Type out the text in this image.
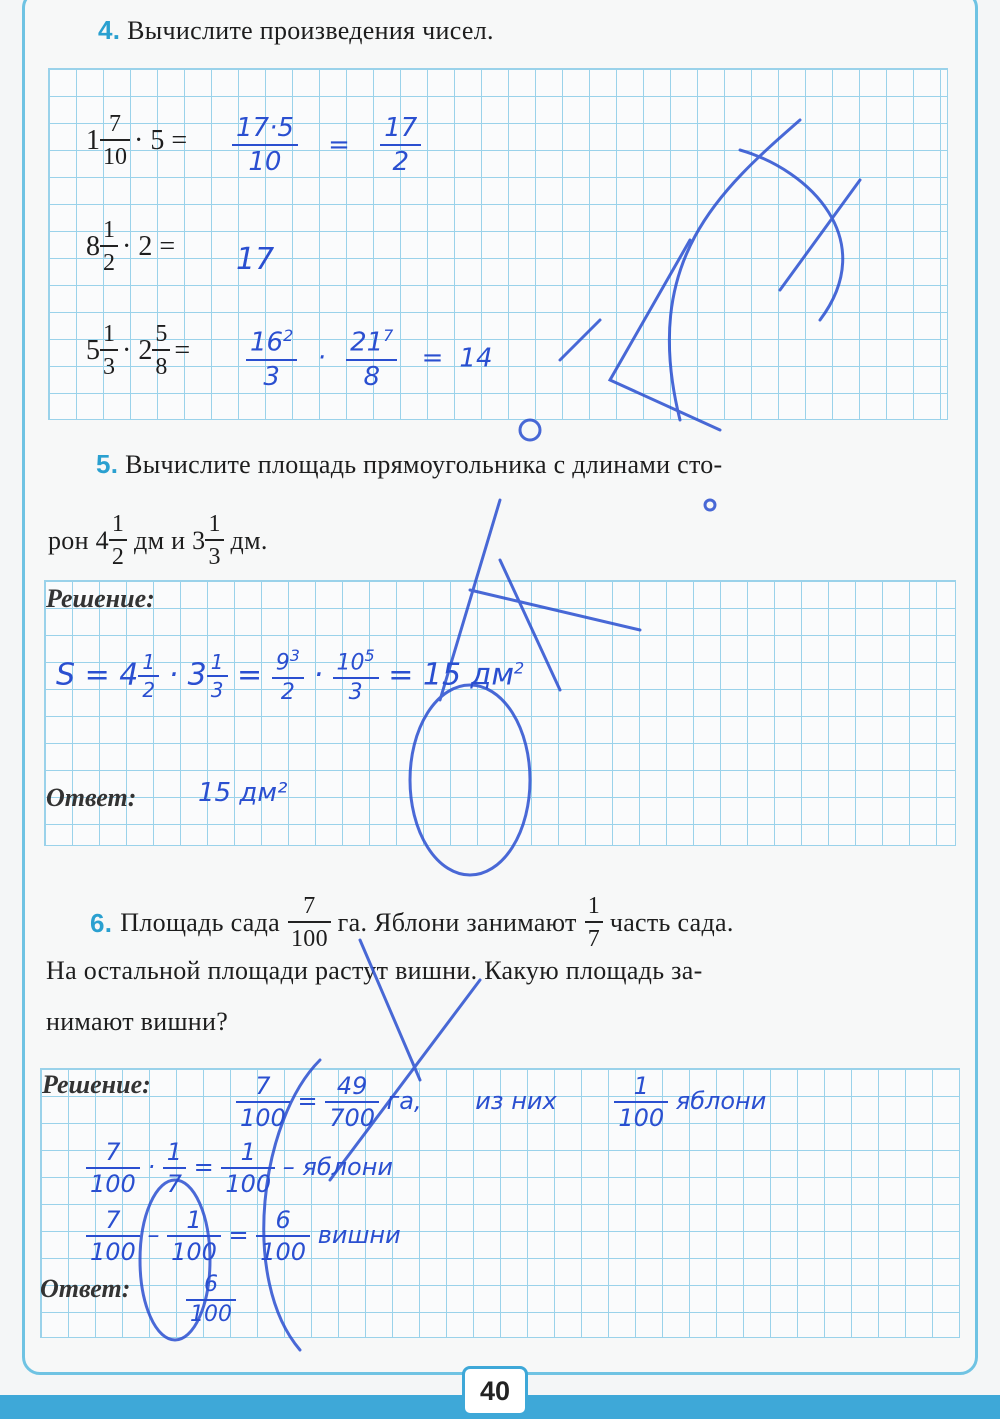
40
4. Вычислите произведения чисел.
$1 \frac{7}{10} \cdot 5$ =
$8 \frac{1}{2} \cdot 2$ =
$5 \frac{1}{3} \cdot 2 \frac{5}{8}$ =
$\frac{17\cdot 5}{10} = \frac{17}{2}$
17
$\frac{16^2}{3} \cdot \frac{21^7}{8} = 14$
5. Вычислите площадь прямоугольника с длинами сто-
рон $4 \frac{1}{2}$ дм и $3 \frac{1}{3}$ дм.
Решение:
Ответ:
$S = 4 \frac{1}{2} \cdot 3 \frac{1}{3} = \frac{9^3}{2} \cdot \frac{10^5}{3} = 15$ $дм^2$
15 дм²
6. Площадь сада $\frac{7}{100}$ га. Яблони занимают $\frac{1}{7}$ часть сада.
На остальной площади растут вишни. Какую площадь за-
нимают вишни?
Решение:
Ответ:
$\frac{7}{100} = \frac{49}{700}$ га, из них $\frac{1}{100}$ яблони
$\frac{7}{100} \cdot \frac{1}{7} = \frac{1}{100}$ – яблони
$\frac{7}{100} - \frac{1}{100} = \frac{6}{100}$ вишни
$\frac{6}{100}$
